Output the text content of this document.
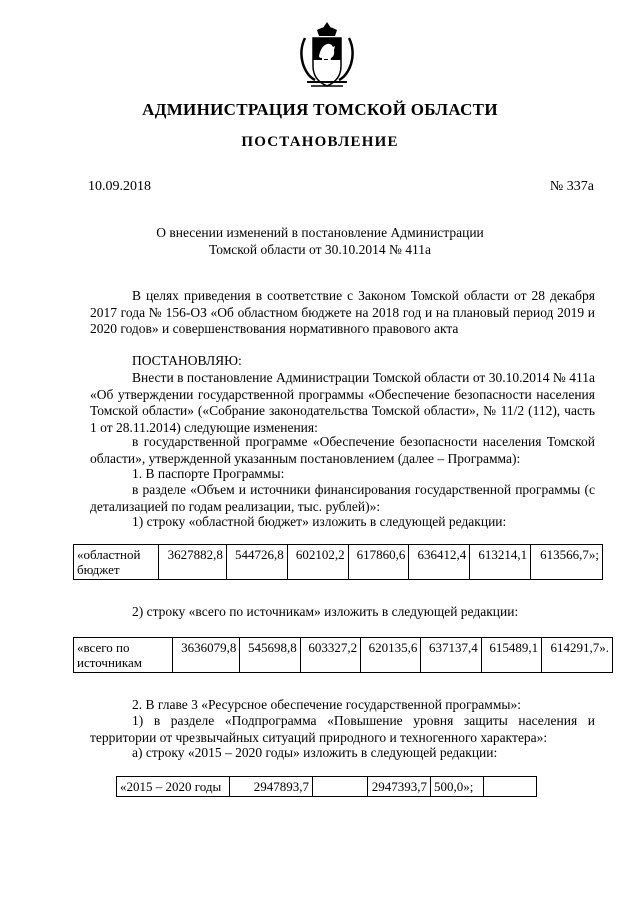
АДМИНИСТРАЦИЯ ТОМСКОЙ ОБЛАСТИ
ПОСТАНОВЛЕНИЕ
10.09.2018	№ 337а
О внесении изменений в постановление Администрации
Томской области от 30.10.2014 № 411а

В целях приведения в соответствие с Законом Томской области от 28 декабря 2017 года № 156-ОЗ «Об областном бюджете на 2018 год и на плановый период 2019 и 2020 годов» и совершенствования нормативного правового акта

ПОСТАНОВЛЯЮ:

Внести в постановление Администрации Томской области от 30.10.2014 № 411а «Об утверждении государственной программы «Обеспечение безопасности населения Томской области» («Собрание законодательства Томской области», № 11/2 (112), часть 1 от 28.11.2014) следующие изменения:

в государственной программе «Обеспечение безопасности населения Томской области», утвержденной указанным постановлением (далее – Программа):

1. В паспорте Программы:

в разделе «Объем и источники финансирования государственной программы (с детализацией по годам реализации, тыс. рублей)»:

1) строку «областной бюджет» изложить в следующей редакции:

«областной бюджет	3627882,8	544726,8	602102,2	617860,6	636412,4	613214,1	613566,7»;

2) строку «всего по источникам» изложить в следующей редакции:

«всего по источникам	3636079,8	545698,8	603327,2	620135,6	637137,4	615489,1	614291,7».

2. В главе 3 «Ресурсное обеспечение государственной программы»:

1) в разделе «Подпрограмма «Повышение уровня защиты населения и территории от чрезвычайных ситуаций природного и техногенного характера»:

а) строку «2015 – 2020 годы» изложить в следующей редакции:

«2015 – 2020 годы	2947893,7		2947393,7	500,0»;	
